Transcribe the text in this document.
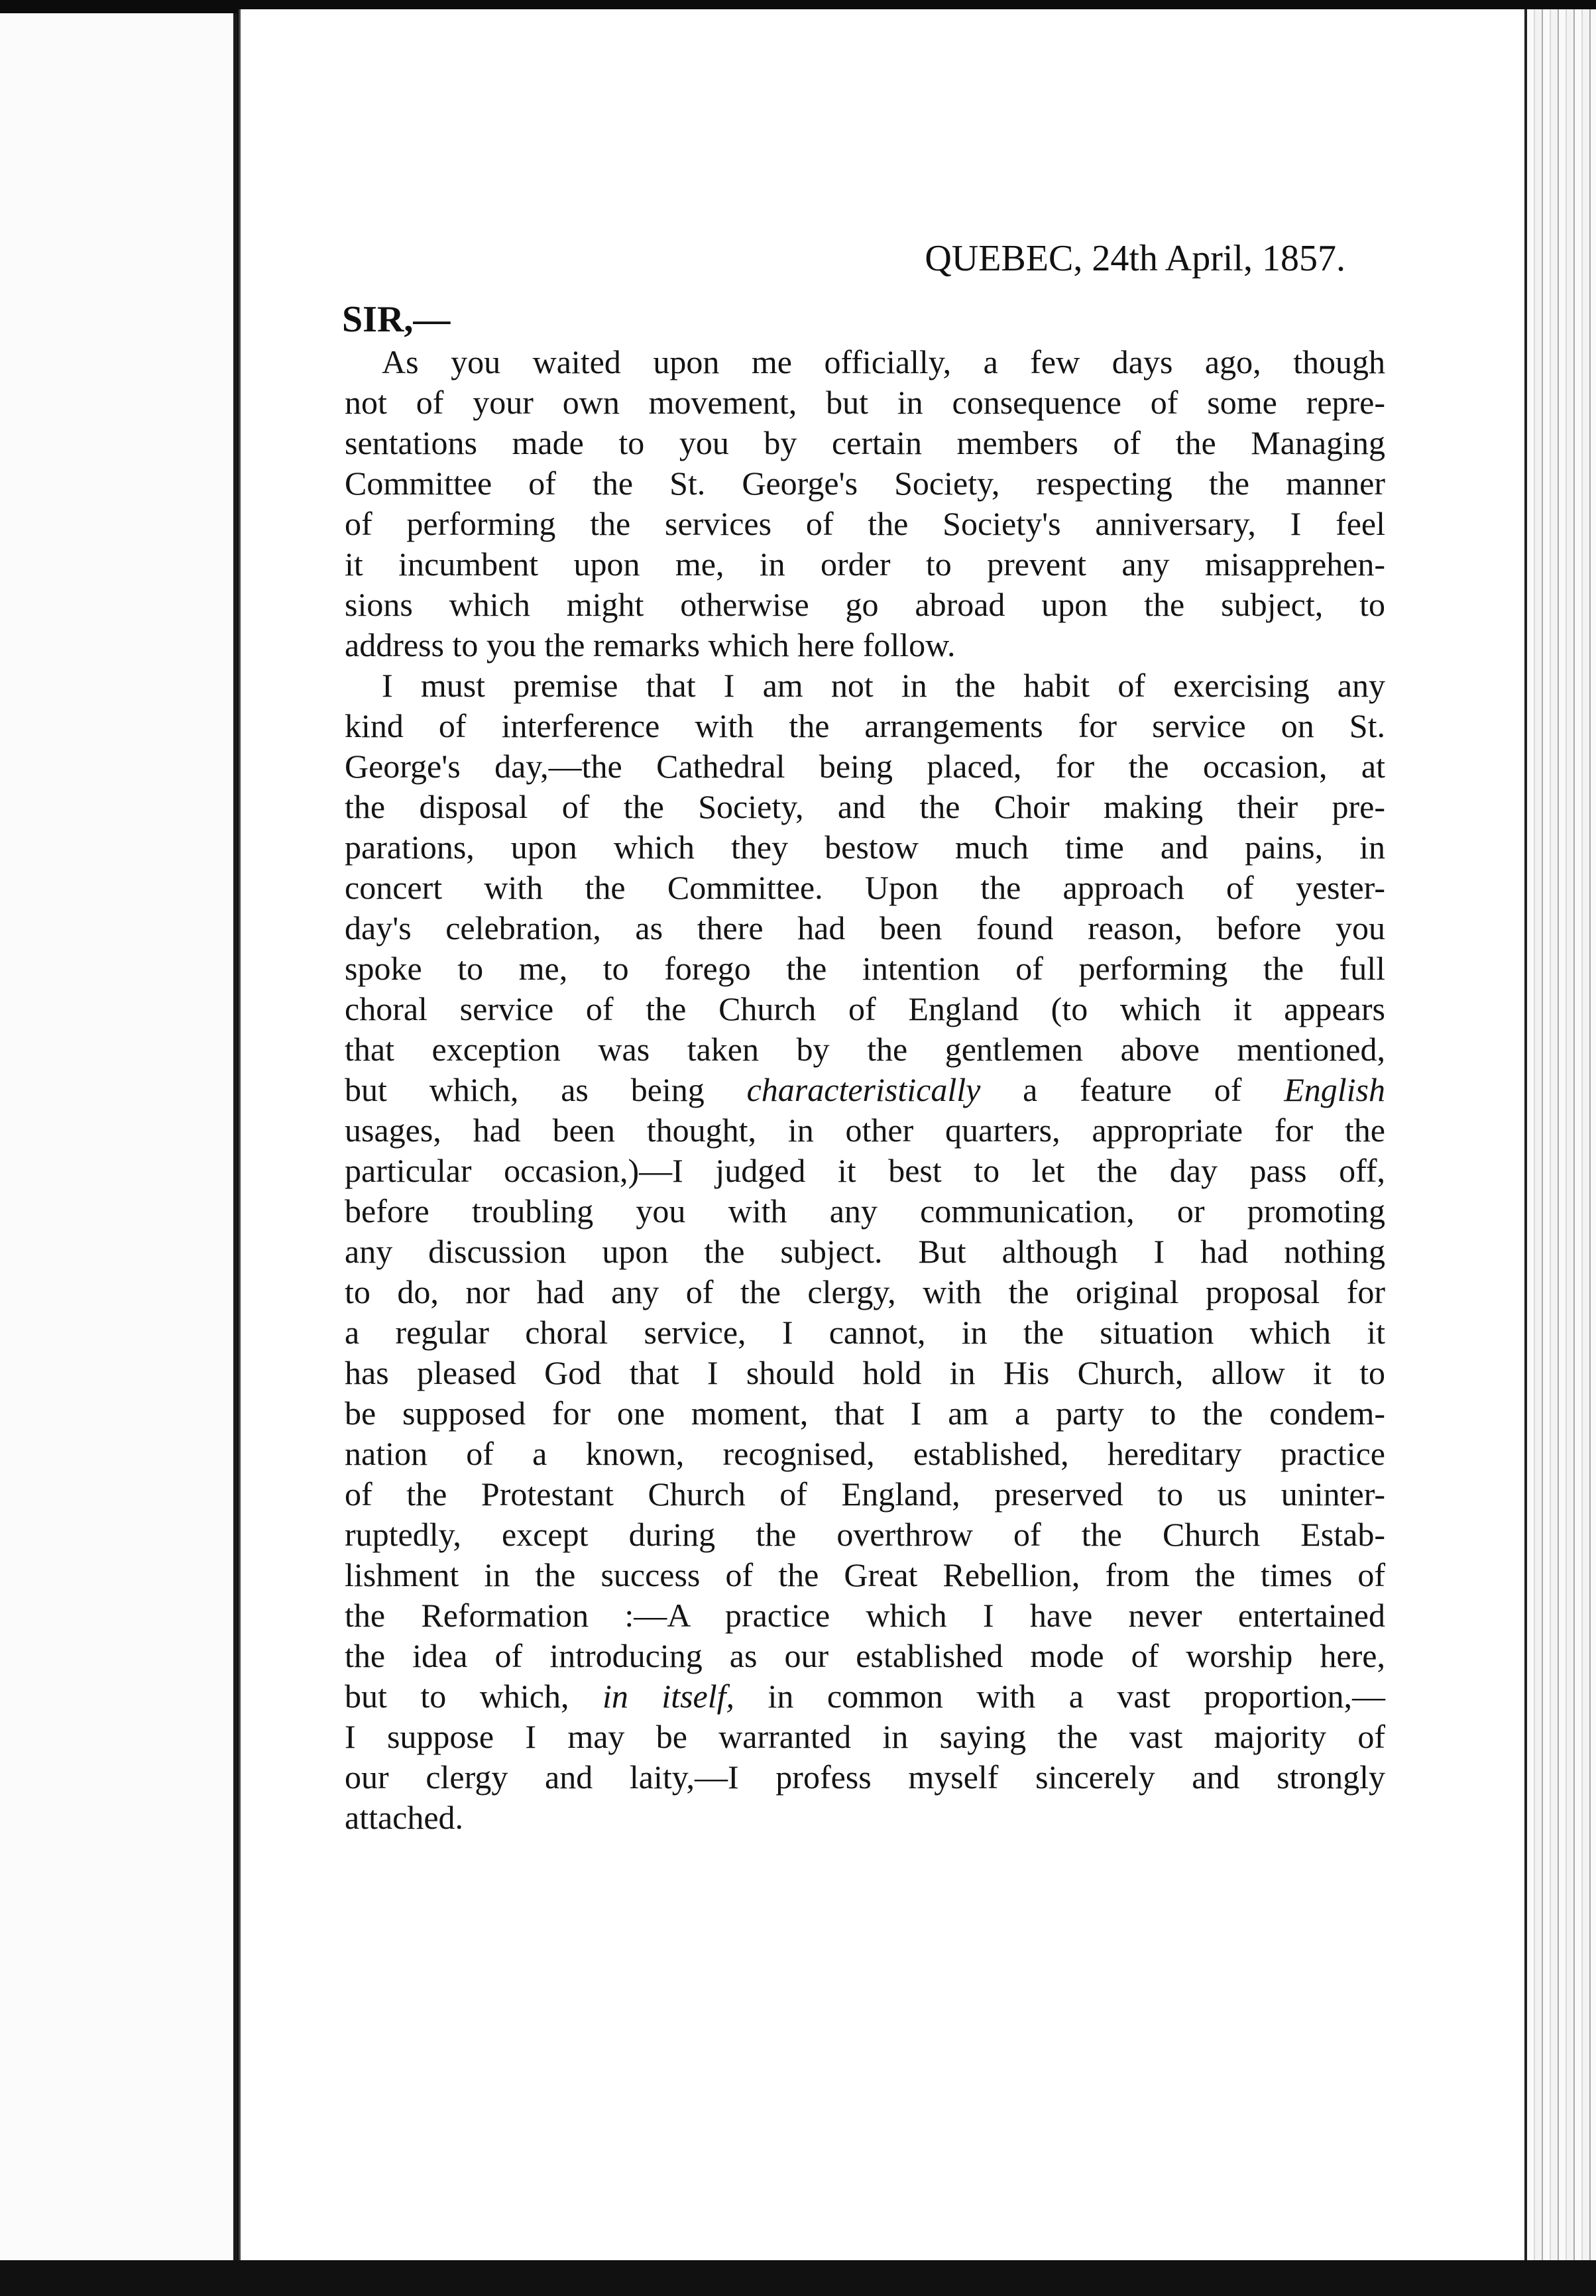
QUEBEC, 24th April, 1857.

SIR,—

As you waited upon me officially, a few days ago, though
not of your own movement, but in consequence of some repre-
sentations made to you by certain members of the Managing
Committee of the St. George's Society, respecting the manner
of performing the services of the Society's anniversary, I feel
it incumbent upon me, in order to prevent any misapprehen-
sions which might otherwise go abroad upon the subject, to
address to you the remarks which here follow.

I must premise that I am not in the habit of exercising any
kind of interference with the arrangements for service on St.
George's day,—the Cathedral being placed, for the occasion, at
the disposal of the Society, and the Choir making their pre-
parations, upon which they bestow much time and pains, in
concert with the Committee. Upon the approach of yester-
day's celebration, as there had been found reason, before you
spoke to me, to forego the intention of performing the full
choral service of the Church of England (to which it appears
that exception was taken by the gentlemen above mentioned,
but which, as being characteristically a feature of English
usages, had been thought, in other quarters, appropriate for the
particular occasion,)—I judged it best to let the day pass off,
before troubling you with any communication, or promoting
any discussion upon the subject. But although I had nothing
to do, nor had any of the clergy, with the original proposal for
a regular choral service, I cannot, in the situation which it
has pleased God that I should hold in His Church, allow it to
be supposed for one moment, that I am a party to the condem-
nation of a known, recognised, established, hereditary practice
of the Protestant Church of England, preserved to us uninter-
ruptedly, except during the overthrow of the Church Estab-
lishment in the success of the Great Rebellion, from the times of
the Reformation :—A practice which I have never entertained
the idea of introducing as our established mode of worship here,
but to which, in itself, in common with a vast proportion,—
I suppose I may be warranted in saying the vast majority of
our clergy and laity,—I profess myself sincerely and strongly
attached.
